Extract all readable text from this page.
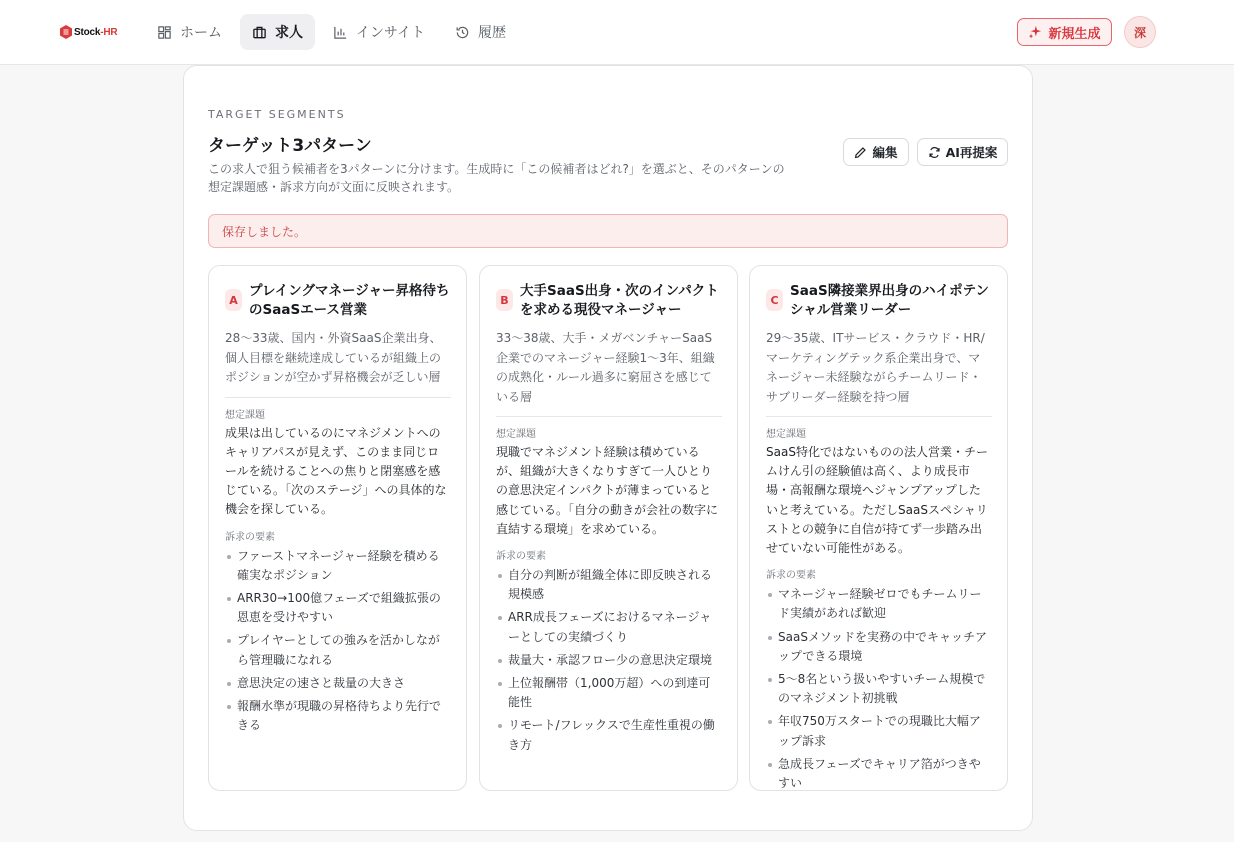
Stock-HR	ホーム	求人	インサイト	履歴	新規生成	深
TARGET SEGMENTS
ターゲット3パターン

この求人で狙う候補者を3パターンに分けます。生成時に「この候補者はどれ?」を選ぶと、そのパターンの想定課題感・訴求方向が文面に反映されます。

編集	AI再提案
保存しました。
A
プレイングマネージャー昇格待ちのSaaSエース営業

28〜33歳、国内・外資SaaS企業出身、個人目標を継続達成しているが組織上のポジションが空かず昇格機会が乏しい層

想定課題

成果は出しているのにマネジメントへのキャリアパスが見えず、このまま同じロールを続けることへの焦りと閉塞感を感じている。「次のステージ」への具体的な機会を探している。

訴求の要素
ファーストマネージャー経験を積める確実なポジション
ARR30→100億フェーズで組織拡張の恩恵を受けやすい
プレイヤーとしての強みを活かしながら管理職になれる
意思決定の速さと裁量の大きさ
報酬水準が現職の昇格待ちより先行できる
B
大手SaaS出身・次のインパクトを求める現役マネージャー

33〜38歳、大手・メガベンチャーSaaS企業でのマネージャー経験1〜3年、組織の成熟化・ルール過多に窮屈さを感じている層

想定課題

現職でマネジメント経験は積めているが、組織が大きくなりすぎて一人ひとりの意思決定インパクトが薄まっていると感じている。「自分の動きが会社の数字に直結する環境」を求めている。

訴求の要素
自分の判断が組織全体に即反映される規模感
ARR成長フェーズにおけるマネージャーとしての実績づくり
裁量大・承認フロー少の意思決定環境
上位報酬帯（1,000万超）への到達可能性
リモート/フレックスで生産性重視の働き方
C
SaaS隣接業界出身のハイポテンシャル営業リーダー

29〜35歳、ITサービス・クラウド・HR/マーケティングテック系企業出身で、マネージャー未経験ながらチームリード・サブリーダー経験を持つ層

想定課題

SaaS特化ではないものの法人営業・チームけん引の経験値は高く、より成長市場・高報酬な環境へジャンプアップしたいと考えている。ただしSaaSスペシャリストとの競争に自信が持てず一歩踏み出せていない可能性がある。

訴求の要素
マネージャー経験ゼロでもチームリード実績があれば歓迎
SaaSメソッドを実務の中でキャッチアップできる環境
5〜8名という扱いやすいチーム規模でのマネジメント初挑戦
年収750万スタートでの現職比大幅アップ訴求
急成長フェーズでキャリア箔がつきやすい
